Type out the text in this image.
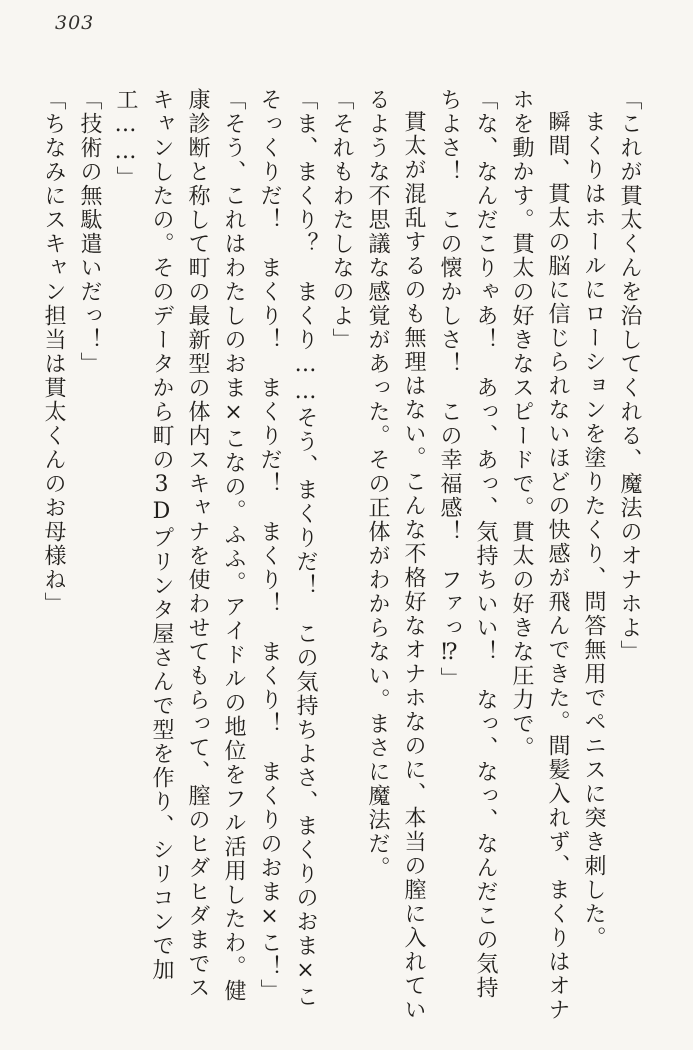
303

「これが貫太くんを治してくれる、魔法のオナホよ」

まくりはホールにローションを塗りたくり、問答無用でペニスに突き刺した。

瞬間、貫太の脳に信じられないほどの快感が飛んできた。間髪入れず、まくりはオナホを動かす。貫太の好きなスピードで。貫太の好きな圧力で。

「な、なんだこりゃあ！　あっ、あっ、気持ちいい！　なっ、なっ、なんだこの気持ちよさ！　この懐かしさ！　この幸福感！　ファっ⁉」

貫太が混乱するのも無理はない。こんな不格好なオナホなのに、本当の膣に入れているような不思議な感覚があった。その正体がわからない。まさに魔法だ。

「それもわたしなのよ」

「ま、まくり？　まくり……そう、まくりだ！　この気持ちよさ、まくりのおま×こそっくりだ！　まくり！　まくりだ！　まくり！　まくり！　まくりのおま×こ！」

「そう、これはわたしのおま×こなの。ふふ。アイドルの地位をフル活用したわ。健康診断と称して町の最新型の体内スキャナを使わせてもらって、膣のヒダヒダまでスキャンしたの。そのデータから町の3Dプリンタ屋さんで型を作り、シリコンで加工……」

「技術の無駄遣いだっ！」

「ちなみにスキャン担当は貫太くんのお母様ね」
